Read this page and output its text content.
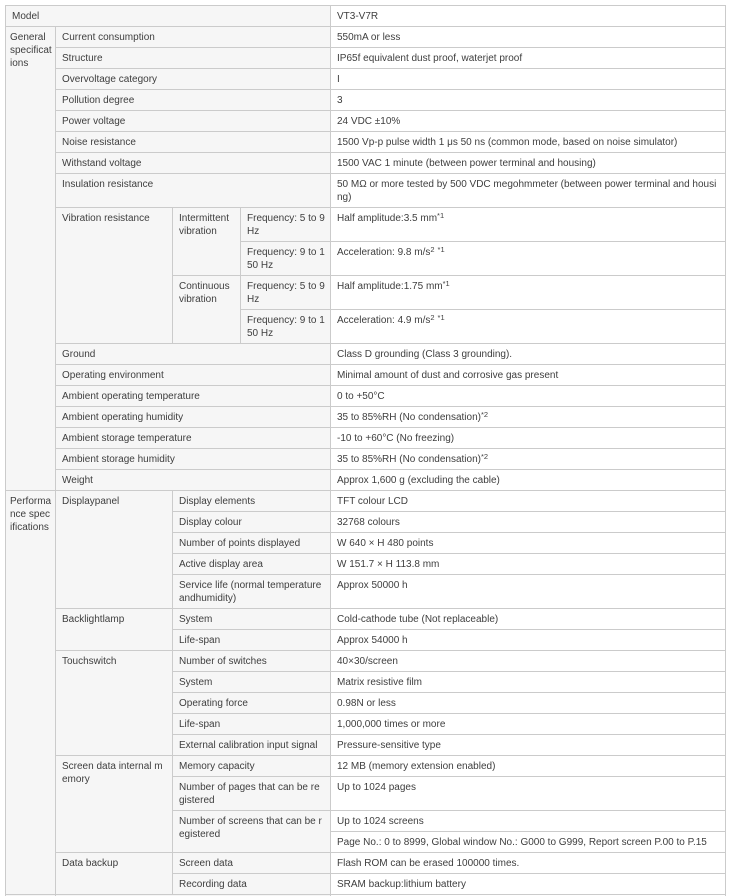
Model				VT3-V7R
General specifications	Current consumption			550mA or less
	Structure			IP65f equivalent dust proof, waterjet proof
	Overvoltage category			I
	Pollution degree			3
	Power voltage			24 VDC ±10%
	Noise resistance			1500 Vp-p pulse width 1 μs 50 ns (common mode, based on noise simulator)
	Withstand voltage			1500 VAC 1 minute (between power terminal and housing)
	Insulation resistance			50 MΩ or more tested by 500 VDC megohmmeter (between power terminal and housing)
	Vibration resistance	Intermittent vibration	Frequency: 5 to 9 Hz	Half amplitude:3.5 $mm^{*1}$
			Frequency: 9 to 150 Hz	Acceleration: 9.8 $m/s^2$ $^{*1}$
		Continuous vibration	Frequency: 5 to 9 Hz	Half amplitude:1.75 $mm^{*1}$
			Frequency: 9 to 150 Hz	Acceleration: 4.9 $m/s^2$ $^{*1}$
	Ground			Class D grounding (Class 3 grounding).
	Operating environment			Minimal amount of dust and corrosive gas present
	Ambient operating temperature			0 to +50°C
	Ambient operating humidity			35 to 85%RH (No condensation)$^{*2}$
	Ambient storage temperature			-10 to +60°C (No freezing)
	Ambient storage humidity			35 to 85%RH (No condensation)$^{*2}$
	Weight			Approx 1,600 g (excluding the cable)
Performance specifications	Displaypanel	Display elements		TFT colour LCD
		Display colour		32768 colours
		Number of points displayed		W 640 × H 480 points
		Active display area		W 151.7 × H 113.8 mm
		Service life (normal temperature andhumidity)		Approx 50000 h
	Backlightlamp	System		Cold-cathode tube (Not replaceable)
		Life-span		Approx 54000 h
	Touchswitch	Number of switches		40×30/screen
		System		Matrix resistive film
		Operating force		0.98N or less
		Life-span		1,000,000 times or more
		External calibration input signal		Pressure-sensitive type
	Screen data internal memory	Memory capacity		12 MB (memory extension enabled)
		Number of pages that can be registered		Up to 1024 pages
		Number of screens that can be registered		Up to 1024 screens
				Page No.: 0 to 8999, Global window No.: G000 to G999, Report screen P.00 to P.15
	Data backup	Screen data		Flash ROM can be erased 100000 times.
		Recording data		SRAM backup:lithium battery
